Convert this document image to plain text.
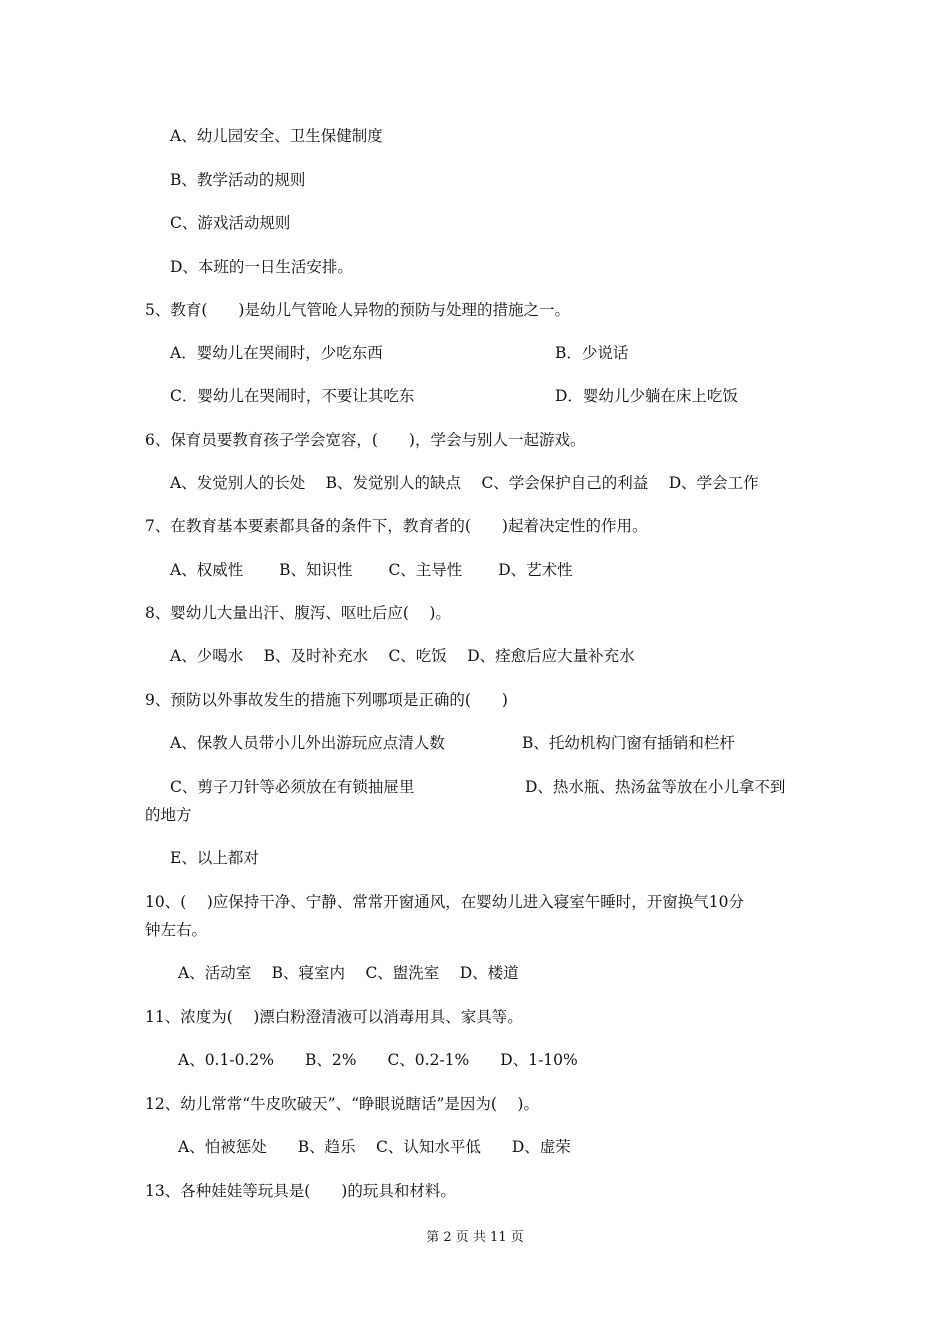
A、幼儿园安全、卫生保健制度
B、教学活动的规则
C、游戏活动规则
D、本班的一日生活安排。
5、教育(　　)是幼儿气管呛人异物的预防与处理的措施之一。
A．婴幼儿在哭闹时，少吃东西	B．少说话
C．婴幼儿在哭闹时，不要让其吃东	D．婴幼儿少躺在床上吃饭
6、保育员要教育孩子学会宽容，(　　)，学会与别人一起游戏。
A、发觉别人的长处　 B、发觉别人的缺点　 C、学会保护自己的利益　 D、学会工作
7、在教育基本要素都具备的条件下，教育者的(　　)起着决定性的作用。
A、权威性　　 B、知识性　　 C、主导性　　 D、艺术性
8、婴幼儿大量出汗、腹泻、呕吐后应(　 )。
A、少喝水　 B、及时补充水　 C、吃饭　 D、痊愈后应大量补充水
9、预防以外事故发生的措施下列哪项是正确的(　　)
A、保教人员带小儿外出游玩应点清人数	B、托幼机构门窗有插销和栏杆
C、剪子刀针等必须放在有锁抽屉里	D、热水瓶、热汤盆等放在小儿拿不到
的地方
E、以上都对
10、(　 )应保持干净、宁静、常常开窗通风，在婴幼儿进入寝室午睡时，开窗换气10分
钟左右。
A、活动室　 B、寝室内　 C、盥洗室　 D、楼道
11、浓度为(　 )漂白粉澄清液可以消毒用具、家具等。
A、0.1-0.2%　　B、2%　　C、0.2-1%　　D、1-10%
12、幼儿常常“牛皮吹破天”、“睁眼说瞎话”是因为(　 )。
A、怕被惩处　　B、趋乐　 C、认知水平低　　D、虚荣
13、各种娃娃等玩具是(　　)的玩具和材料。
第 2 页 共 11 页
